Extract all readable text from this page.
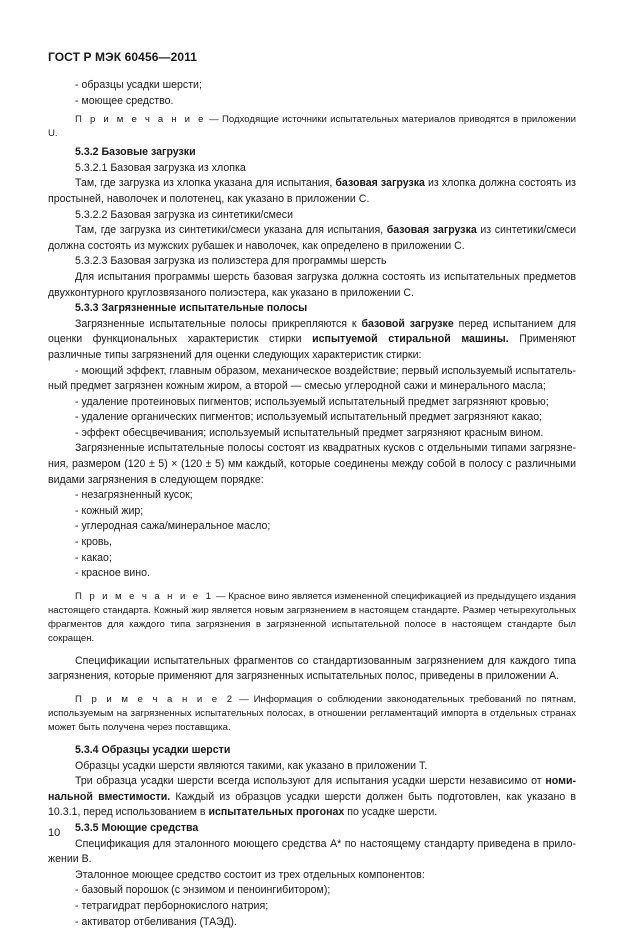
ГОСТ Р МЭК 60456—2011

- образцы усадки шерсти;

- моющее средство.

П р и м е ч а н и е — Подходящие источники испытательных материалов приводятся в приложении U.

5.3.2 Базовые загрузки

5.3.2.1 Базовая загрузка из хлопка

Там, где загрузка из хлопка указана для испытания, базовая загрузка из хлопка должна состоять из простыней, наволочек и полотенец, как указано в приложении С.

5.3.2.2 Базовая загрузка из синтетики/смеси

Там, где загрузка из синтетики/смеси указана для испытания, базовая загрузка из синтетики/смеси должна состоять из мужских рубашек и наволочек, как определено в приложении С.

5.3.2.3 Базовая загрузка из полиэстера для программы шерсть

Для испытания программы шерсть базовая загрузка должна состоять из испытательных предметов двухконтурного круглозвязаного полиэстера, как указано в приложении С.

5.3.3 Загрязненные испытательные полосы

Загрязненные испытательные полосы прикрепляются к базовой загрузке перед испытанием для оценки функциональных характеристик стирки испытуемой стиральной машины. Применяют различные типы загрязнений для оценки следующих характеристик стирки:

- моющий эффект, главным образом, механическое воздействие; первый используемый испытатель-ный предмет загрязнен кожным жиром, а второй — смесью углеродной сажи и минерального масла;

- удаление протеиновых пигментов; используемый испытательный предмет загрязняют кровью;

- удаление органических пигментов; используемый испытательный предмет загрязняют какао;

- эффект обесцвечивания; используемый испытательный предмет загрязняют красным вином.

Загрязненные испытательные полосы состоят из квадратных кусков с отдельными типами загрязне-ния, размером (120 ± 5) × (120 ± 5) мм каждый, которые соединены между собой в полосу с различными видами загрязнения в следующем порядке:

- незагрязненный кусок;

- кожный жир;

- углеродная сажа/минеральное масло;

- кровь,

- какао;

- красное вино.

П р и м е ч а н и е 1 — Красное вино является измененной спецификацией из предыдущего издания настоящего стандарта. Кожный жир является новым загрязнением в настоящем стандарте. Размер четырехугольных фрагментов для каждого типа загрязнения в загрязненной испытательной полосе в настоящем стандарте был сокращен.

Спецификации испытательных фрагментов со стандартизованным загрязнением для каждого типа загрязнения, которые применяют для загрязненных испытательных полос, приведены в приложении А.

П р и м е ч а н и е 2 — Информация о соблюдении законодательных требований по пятнам, используемым на загрязненных испытательных полосах, в отношении регламентаций импорта в отдельных странах может быть получена через поставщика.

5.3.4 Образцы усадки шерсти

Образцы усадки шерсти являются такими, как указано в приложении Т.

Три образца усадки шерсти всегда используют для испытания усадки шерсти независимо от номи-нальной вместимости. Каждый из образцов усадки шерсти должен быть подготовлен, как указано в 10.3.1, перед использованием в испытательных прогонах по усадке шерсти.

5.3.5 Моющие средства

Спецификация для эталонного моющего средства А* по настоящему стандарту приведена в прило-жении В.

Эталонное моющее средство состоит из трех отдельных компонентов:

- базовый порошок (с энзимом и пеноингибитором);

- тетрагидрат перборнокислого натрия;

- активатор отбеливания (ТАЭД).

10
